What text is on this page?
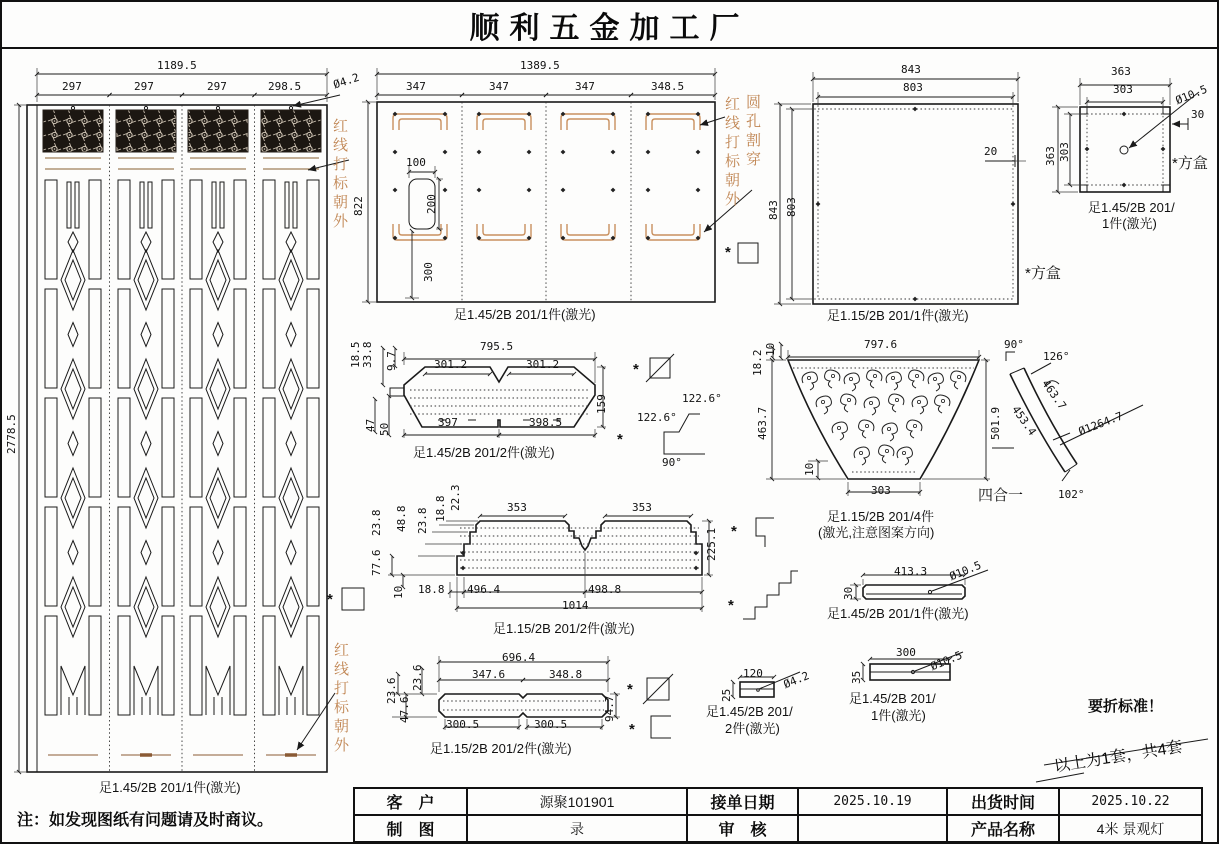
顺利五金加工厂
1189.5
297	297	297	298.5	Ø4.2
2778.5
红线打标朝外
红线打标朝外
*
足1.45/2B 201/1件(激光)
注：如发现图纸有问题请及时商议。
1389.5
347	347	347	348.5
822
100
200
300
红线打标朝外 圆孔割穿
*
足1.45/2B 201/1件(激光)
843
803
843 803
20
足1.15/2B 201/1件(激光)
*方盒
363
303
363 303
Ø10.5
30
*方盒
足1.45/2B 201/
1件(激光)
795.5
301.2	301.2
18.5 33.8 9.7
47 50
397	398.5
159
足1.45/2B 201/2件(激光)
*
122.6°
122.6°
90°
*
797.6
18.2
10
463.7	501.9
10
303
足1.15/2B 201/4件
(激光,注意图案方向)
四合一
90°
126°
463.7
453.4	Ø1264.7
102°
353	353
23.8 48.8 23.8 18.8 22.3
77.6
10 18.8 496.4	498.8
1014
225.1
足1.15/2B 201/2件(激光)
*
*
413.3 Ø10.5
30
足1.45/2B 201/1件(激光)
120 Ø4.2
25
足1.45/2B 201/
2件(激光)
300 Ø10.5
35
足1.45/2B 201/
1件(激光)
696.4
347.6	348.8
23.6 23.6
47.6	94.7
300.5	300.5
足1.15/2B 201/2件(激光)
*
*
要折标准！
以上为1套，共4套
客　户	源聚101901	接单日期	2025.10.19	出货时间	2025.10.22
制　图	录	审　核		产品名称	4米 景观灯
